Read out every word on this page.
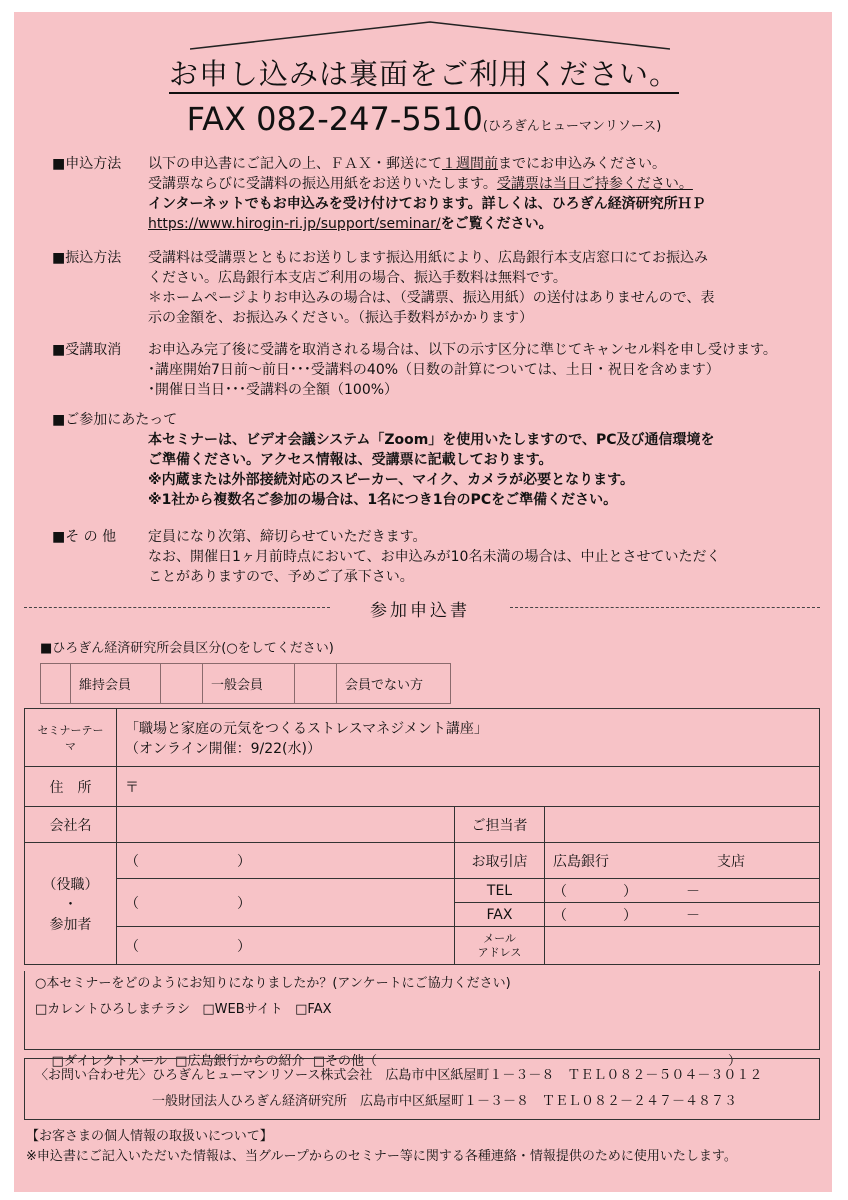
お申し込みは裏面をご利用ください。
FAX 082-247-5510(ひろぎんヒューマンリソース)
■申込方法	以下の申込書にご記入の上、ＦＡＸ・郵送にて１週間前までにお申込みください。
受講票ならびに受講料の振込用紙をお送りいたします。受講票は当日ご持参ください。
インターネットでもお申込みを受け付けております。詳しくは、ひろぎん経済研究所ＨＰ
https://www.hirogin-ri.jp/support/seminar/をご覧ください。
■振込方法	受講料は受講票とともにお送りします振込用紙により、広島銀行本支店窓口にてお振込み
ください。広島銀行本支店ご利用の場合、振込手数料は無料です。
＊ホームページよりお申込みの場合は、（受講票、振込用紙）の送付はありませんので、表
示の金額を、お振込みください。（振込手数料がかかります）
■受講取消	お申込み完了後に受講を取消される場合は、以下の示す区分に準じてキャンセル料を申し受けます。
･講座開始7日前～前日･･･受講料の40%（日数の計算については、土日・祝日を含めます）
･開催日当日･･･受講料の全額（100%）
■ご参加にあたって
本セミナーは、ビデオ会議システム「Zoom」を使用いたしますので、PC及び通信環境を
ご準備ください。アクセス情報は、受講票に記載しております。
※内蔵または外部接続対応のスピーカー、マイク、カメラが必要となります。
※1社から複数名ご参加の場合は、1名につき1台のPCをご準備ください。
■そ の 他	定員になり次第、締切らせていただきます。
なお、開催日1ヶ月前時点において、お申込みが10名未満の場合は、中止とさせていただく
ことがありますので、予めご了承下さい。
参加申込書
■ひろぎん経済研究所会員区分(○をしてください)
	維持会員		一般会員		会員でない方
セミナーテーマ	「職場と家庭の元気をつくるストレスマネジメント講座」
（オンライン開催：9/22(水)）		

住　所	〒		
会社名		ご担当者	

（役職）
・
参加者	（　　　　　　　）	お取引店	広島銀行 支店
	（　　　　　　　）	TEL	（　　　　）　　　　－
		FAX	（　　　　）　　　　－
	（　　　　　　　）	メール
アドレス	

○本セミナーをどのようにお知りになりましたか？(アンケートにご協力ください)
□カレントひろしまチラシ □WEBサイト □FAX

□ダイレクトメール □広島銀行からの紹介 □その他（　　　　　　　　　　　　　　　　　　　　　　　　　　　）

〈お問い合わせ先〉ひろぎんヒューマンリソース株式会社　広島市中区紙屋町１－３－８　ＴＥＬ０８２－５０４－３０１２
　　　　　　　　　一般財団法人ひろぎん経済研究所　広島市中区紙屋町１－３－８　ＴＥＬ０８２－２４７－４８７３
【お客さまの個人情報の取扱いについて】
※申込書にご記入いただいた情報は、当グループからのセミナー等に関する各種連絡・情報提供のために使用いたします。
